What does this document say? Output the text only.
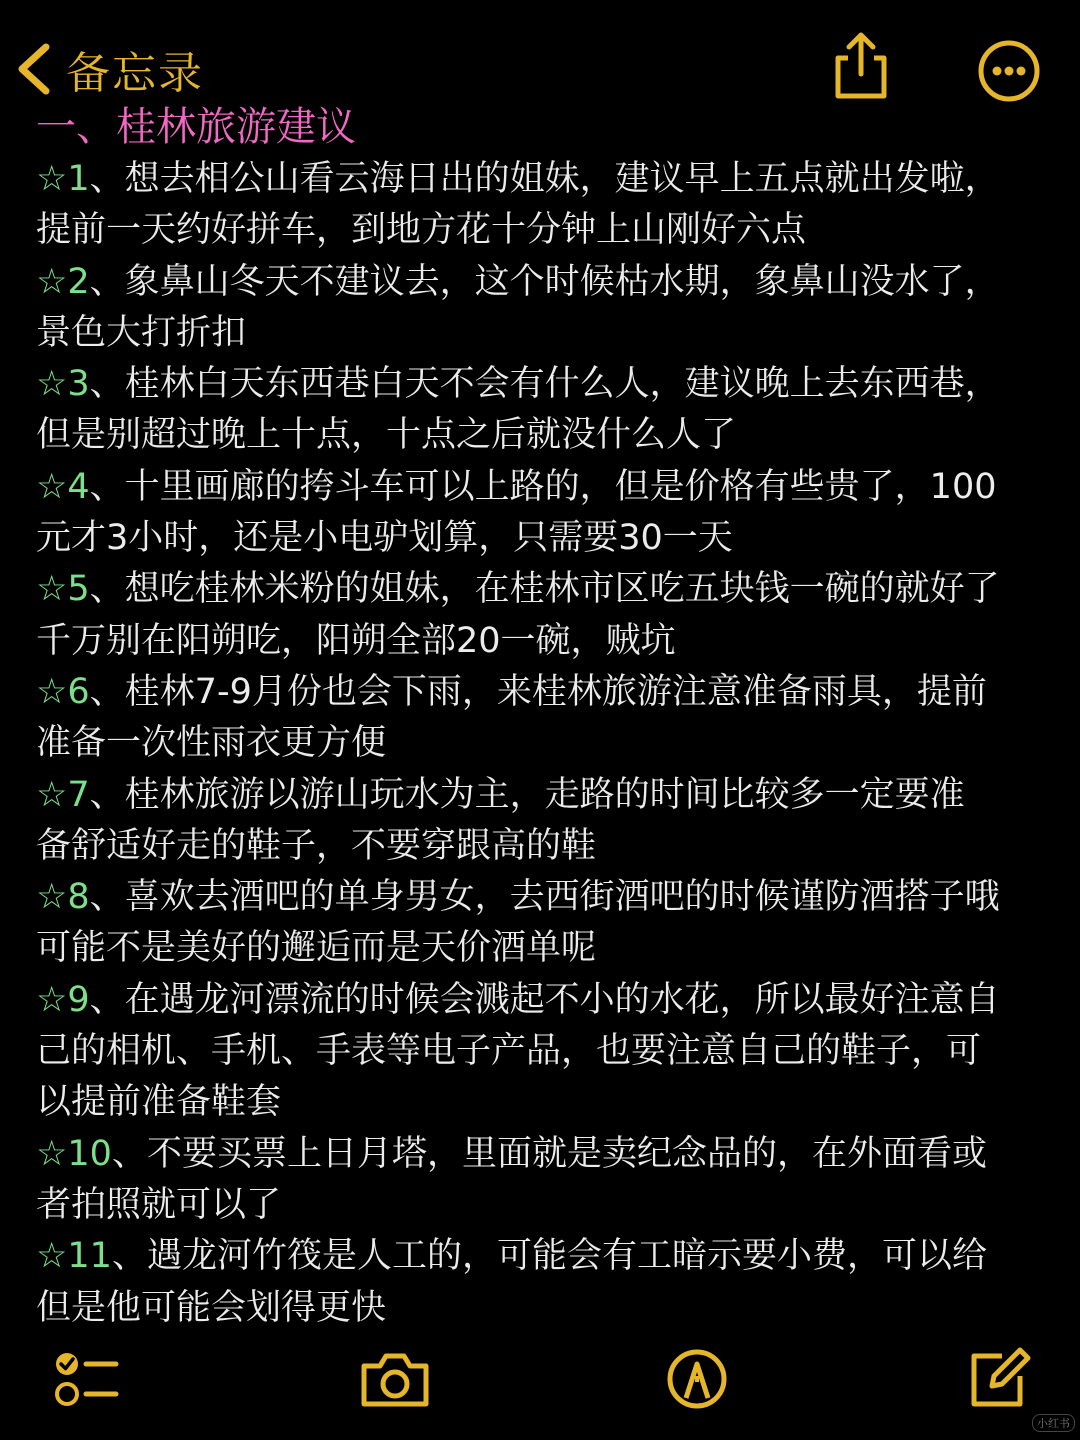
备忘录
一、桂林旅游建议

☆1、想去相公山看云海日出的姐妹，建议早上五点就出发啦，

提前一天约好拼车，到地方花十分钟上山刚好六点

☆2、象鼻山冬天不建议去，这个时候枯水期，象鼻山没水了，

景色大打折扣

☆3、桂林白天东西巷白天不会有什么人，建议晚上去东西巷，

但是别超过晚上十点，十点之后就没什么人了

☆4、十里画廊的挎斗车可以上路的，但是价格有些贵了，100

元才3小时，还是小电驴划算，只需要30一天

☆5、想吃桂林米粉的姐妹，在桂林市区吃五块钱一碗的就好了

千万别在阳朔吃，阳朔全部20一碗，贼坑

☆6、桂林7-9月份也会下雨，来桂林旅游注意准备雨具，提前

准备一次性雨衣更方便

☆7、桂林旅游以游山玩水为主，走路的时间比较多一定要准

备舒适好走的鞋子，不要穿跟高的鞋

☆8、喜欢去酒吧的单身男女，去西街酒吧的时候谨防酒搭子哦

可能不是美好的邂逅而是天价酒单呢

☆9、在遇龙河漂流的时候会溅起不小的水花，所以最好注意自

己的相机、手机、手表等电子产品，也要注意自己的鞋子，可

以提前准备鞋套

☆10、不要买票上日月塔，里面就是卖纪念品的，在外面看或

者拍照就可以了

☆11、遇龙河竹筏是人工的，可能会有工暗示要小费，可以给

但是他可能会划得更快

小红书
